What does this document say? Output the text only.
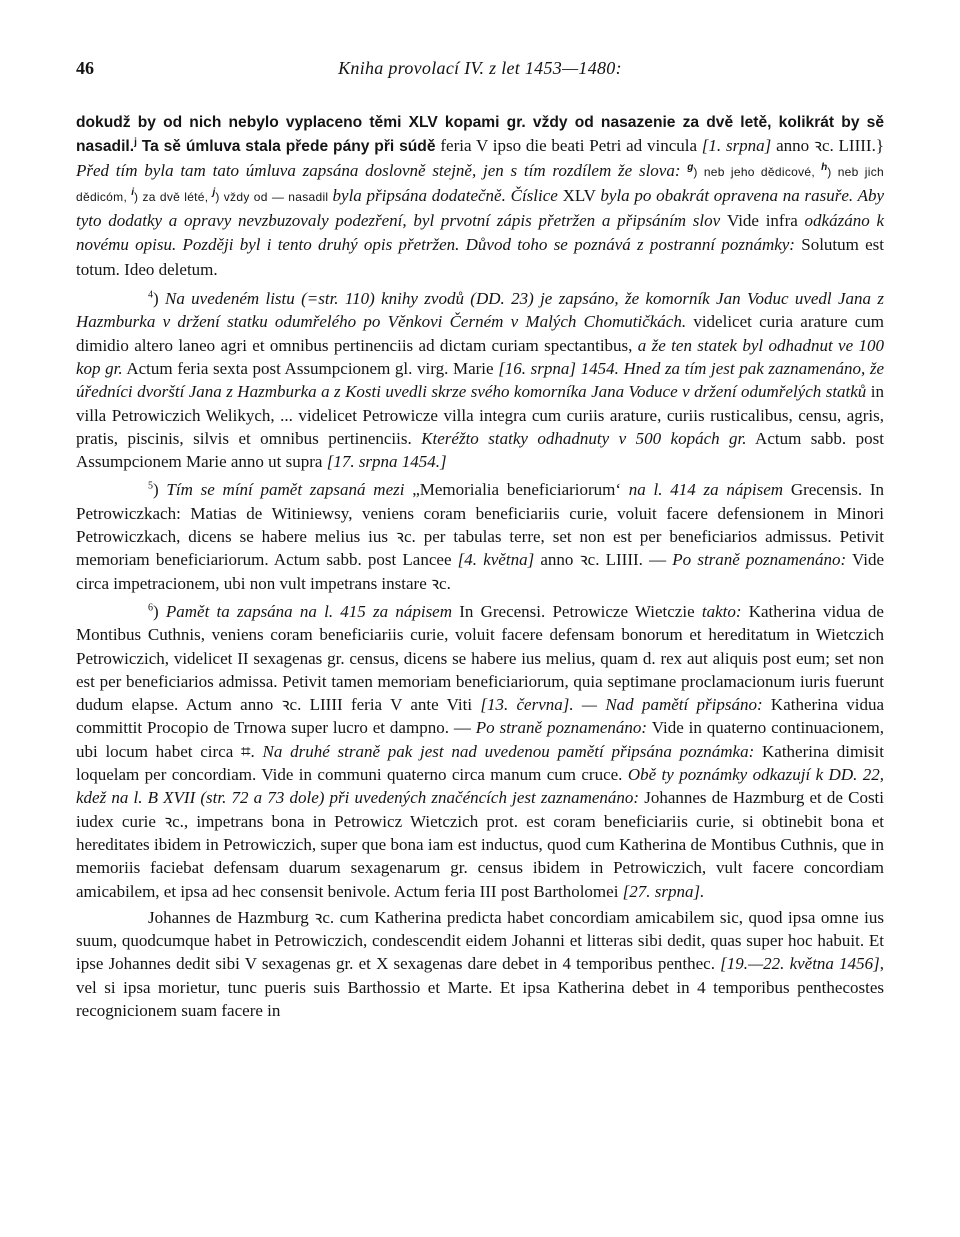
46	Kniha provolací IV. z let 1453—1480:

dokudž by od nich nebylo vyplaceno těmi XLV kopami gr. vždy od nasazenie za dvě letě, kolikrát by sě nasadil.$^j$ Ta sě úmluva stala přede pány při súdě feria V ipso die beati Petri ad vincula [1. srpna] anno ꝛc. LIIII.} Před tím byla tam tato úmluva zapsána doslovně stejně, jen s tím rozdílem že slova: $^g$) neb jeho dědicové, $^h$) neb jich dědicóm, $^i$) za dvě lété, $^j$) vždy od — nasadil byla připsána dodatečně. Číslice XLV byla po obakrát opravena na rasuře. Aby tyto dodatky a opravy nevzbuzovaly podezření, byl prvotní zápis přetržen a připsáním slov Vide infra odkázáno k novému opisu. Později byl i tento druhý opis přetržen. Důvod toho se poznává z postranní poznámky: Solutum est totum. Ideo deletum.

$^4$) Na uvedeném listu (=str. 110) knihy zvodů (DD. 23) je zapsáno, že komorník Jan Voduc uvedl Jana z Hazmburka v držení statku odumřelého po Věnkovi Černém v Malých Chomutičkách. videlicet curia arature cum dimidio altero laneo agri et omnibus pertinenciis ad dictam curiam spectantibus, a že ten statek byl odhadnut ve 100 kop gr. Actum feria sexta post Assumpcionem gl. virg. Marie [16. srpna] 1454. Hned za tím jest pak zaznamenáno, že úředníci dvorští Jana z Hazmburka a z Kosti uvedli skrze svého komorníka Jana Voduce v držení odumřelých statků in villa Petrowiczich Welikych, ... videlicet Petrowicze villa integra cum curiis arature, curiis rusticalibus, censu, agris, pratis, piscinis, silvis et omnibus pertinenciis. Kteréžto statky odhadnuty v 500 kopách gr. Actum sabb. post Assumpcionem Marie anno ut supra [17. srpna 1454.]

$^5$) Tím se míní pamět zapsaná mezi „Memorialia beneficiariorum‘ na l. 414 za nápisem Grecensis. In Petrowiczkach: Matias de Witiniewsy, veniens coram beneficiariis curie, voluit facere defensionem in Minori Petrowiczkach, dicens se habere melius ius ꝛc. per tabulas terre, set non est per beneficiarios admissus. Petivit memoriam beneficiariorum. Actum sabb. post Lancee [4. května] anno ꝛc. LIIII. — Po straně poznamenáno: Vide circa impetracionem, ubi non vult impetrans instare ꝛc.

$^6$) Pamět ta zapsána na l. 415 za nápisem In Grecensi. Petrowicze Wietczie takto: Katherina vidua de Montibus Cuthnis, veniens coram beneficiariis curie, voluit facere defensam bonorum et hereditatum in Wietczich Petrowiczich, videlicet II sexagenas gr. census, dicens se habere ius melius, quam d. rex aut aliquis post eum; set non est per beneficiarios admissa. Petivit tamen memoriam beneficiariorum, quia septimane proclamacionum iuris fuerunt dudum elapse. Actum anno ꝛc. LIIII feria V ante Viti [13. června]. — Nad pamětí připsáno: Katherina vidua committit Procopio de Trnowa super lucro et dampno. — Po straně poznamenáno: Vide in quaterno continuacionem, ubi locum habet circa ⌗. Na druhé straně pak jest nad uvedenou pamětí připsána poznámka: Katherina dimisit loquelam per concordiam. Vide in communi quaterno circa manum cum cruce. Obě ty poznámky odkazují k DD. 22, kdež na l. B XVII (str. 72 a 73 dole) při uvedených značéncích jest zaznamenáno: Johannes de Hazmburg et de Costi iudex curie ꝛc., impetrans bona in Petrowicz Wietczich prot. est coram beneficiariis curie, si obtinebit bona et hereditates ibidem in Petrowiczich, super que bona iam est inductus, quod cum Katherina de Montibus Cuthnis, que in memoriis faciebat defensam duarum sexagenarum gr. census ibidem in Petrowiczich, vult facere concordiam amicabilem, et ipsa ad hec consensit benivole. Actum feria III post Bartholomei [27. srpna].

Johannes de Hazmburg ꝛc. cum Katherina predicta habet concordiam amicabilem sic, quod ipsa omne ius suum, quodcumque habet in Petrowiczich, condescendit eidem Johanni et litteras sibi dedit, quas super hoc habuit. Et ipse Johannes dedit sibi V sexagenas gr. et X sexagenas dare debet in 4 temporibus penthec. [19.—22. května 1456], vel si ipsa morietur, tunc pueris suis Barthossio et Marte. Et ipsa Katherina debet in 4 temporibus penthecostes recognicionem suam facere in
